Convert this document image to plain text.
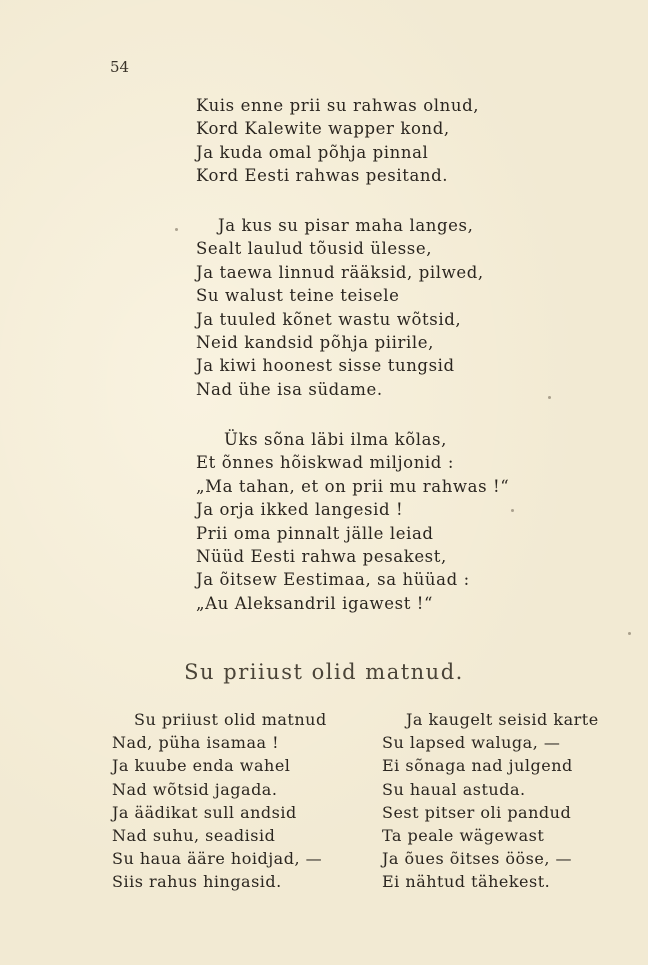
54
Kuis enne prii su rahwas olnud,
Kord Kalewite wapper kond,
Ja kuda omal põhja pinnal
Kord Eesti rahwas pesitand.
Ja kus su pisar maha langes,
Sealt laulud tõusid ülesse,
Ja taewa linnud rääksid, pilwed,
Su walust teine teisele
Ja tuuled kõnet wastu wõtsid,
Neid kandsid põhja piirile,
Ja kiwi hoonest sisse tungsid
Nad ühe isa südame.
Üks sõna läbi ilma kõlas,
Et õnnes hõiskwad miljonid :
„Ma tahan, et on prii mu rahwas !“
Ja orja ikked langesid !
Prii oma pinnalt jälle leiad
Nüüd Eesti rahwa pesakest,
Ja õitsew Eestimaa, sa hüüad :
„Au Aleksandril igawest !“
Su priiust olid matnud.
Su priiust olid matnud
Nad, püha isamaa !
Ja kuube enda wahel
Nad wõtsid jagada.
Ja äädikat sull andsid
Nad suhu, seadisid
Su haua ääre hoidjad, —
Siis rahus hingasid.
Ja kaugelt seisid karte
Su lapsed waluga, —
Ei sõnaga nad julgend
Su haual astuda.
Sest pitser oli pandud
Ta peale wägewast
Ja õues õitses ööse, —
Ei nähtud tähekest.
